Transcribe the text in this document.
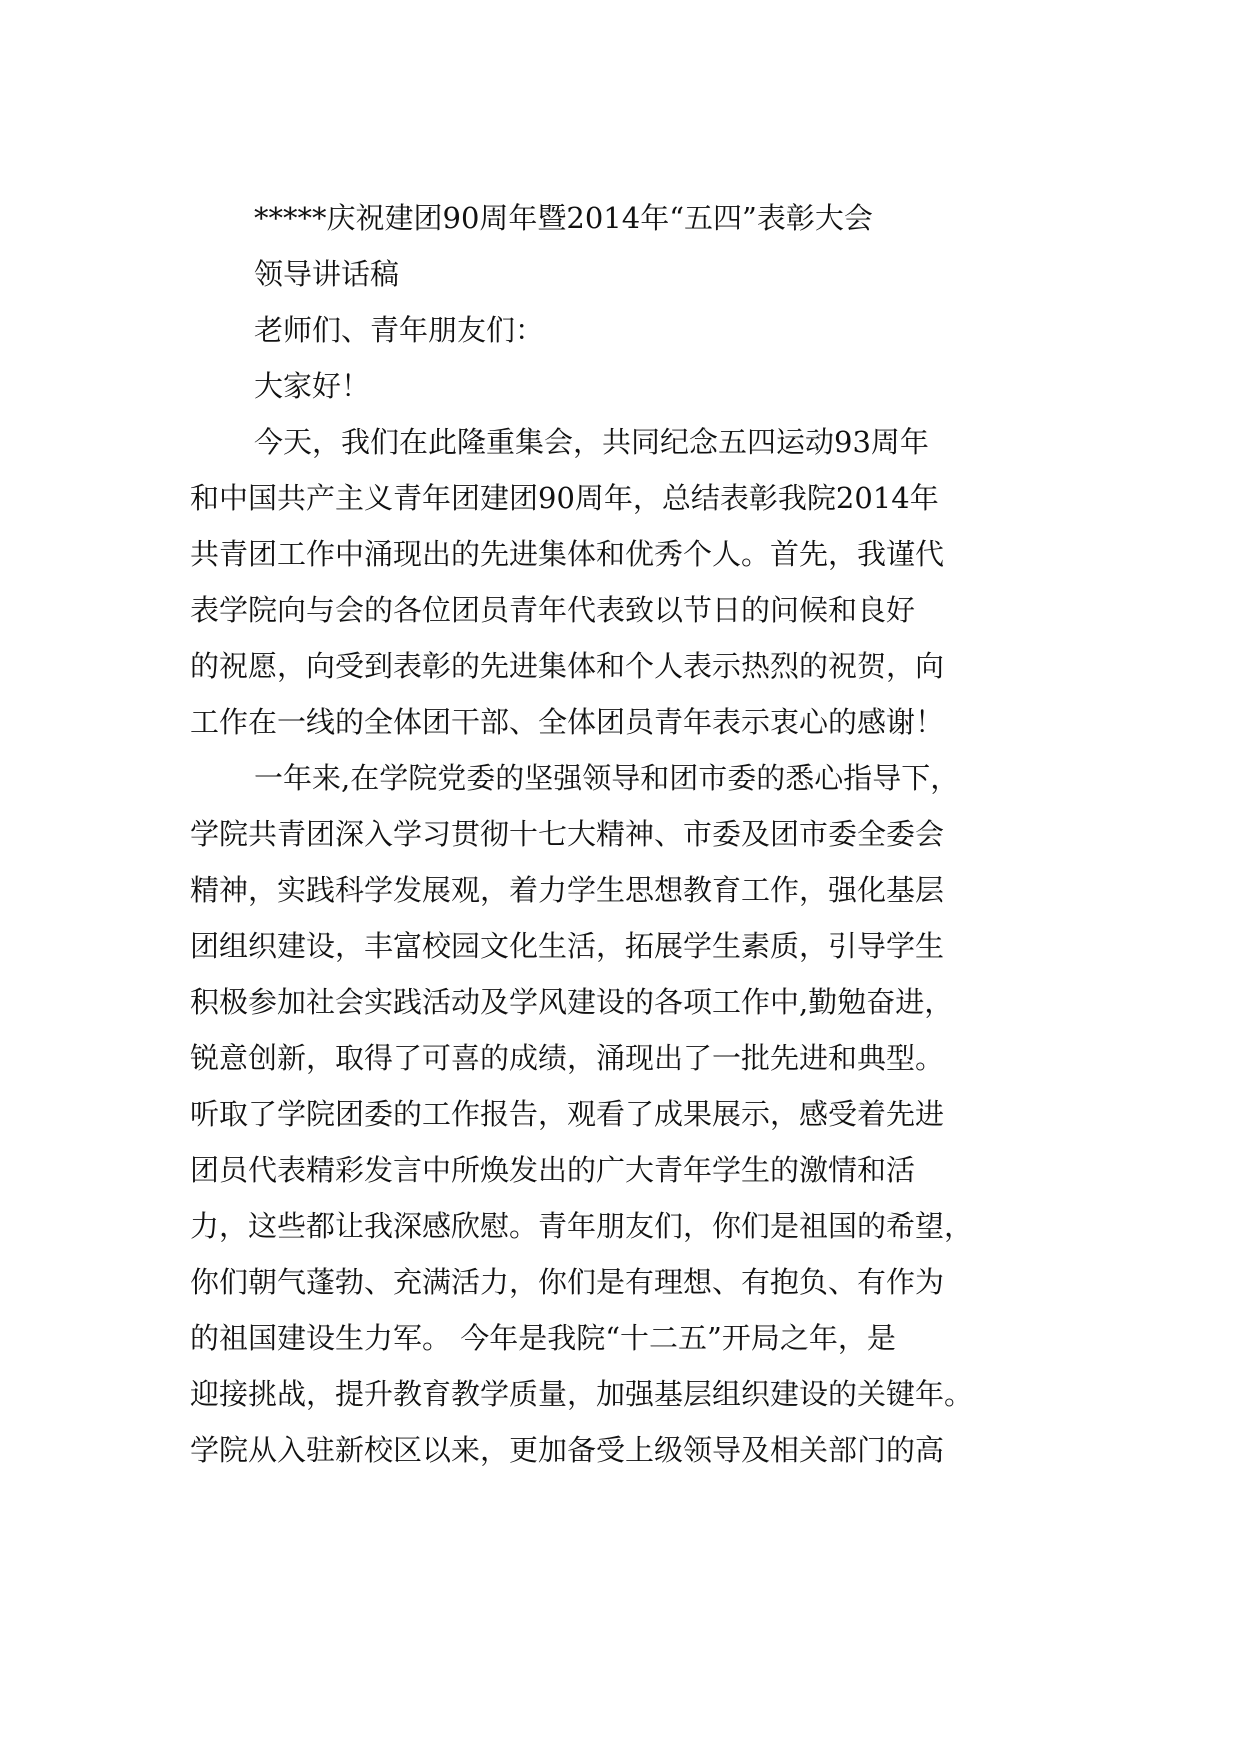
*****庆祝建团90周年暨2014年“五四”表彰大会

领导讲话稿

老师们、青年朋友们：

大家好！

今天，我们在此隆重集会，共同纪念五四运动93周年

和中国共产主义青年团建团90周年，总结表彰我院2014年

共青团工作中涌现出的先进集体和优秀个人。首先，我谨代

表学院向与会的各位团员青年代表致以节日的问候和良好

的祝愿，向受到表彰的先进集体和个人表示热烈的祝贺，向

工作在一线的全体团干部、全体团员青年表示衷心的感谢！

一年来,在学院党委的坚强领导和团市委的悉心指导下，

学院共青团深入学习贯彻十七大精神、市委及团市委全委会

精神，实践科学发展观，着力学生思想教育工作，强化基层

团组织建设，丰富校园文化生活，拓展学生素质，引导学生

积极参加社会实践活动及学风建设的各项工作中,勤勉奋进，

锐意创新，取得了可喜的成绩，涌现出了一批先进和典型。

听取了学院团委的工作报告，观看了成果展示，感受着先进

团员代表精彩发言中所焕发出的广大青年学生的激情和活

力，这些都让我深感欣慰。青年朋友们，你们是祖国的希望，

你们朝气蓬勃、充满活力，你们是有理想、有抱负、有作为

的祖国建设生力军。 今年是我院“十二五”开局之年，是

迎接挑战，提升教育教学质量，加强基层组织建设的关键年。

学院从入驻新校区以来，更加备受上级领导及相关部门的高
